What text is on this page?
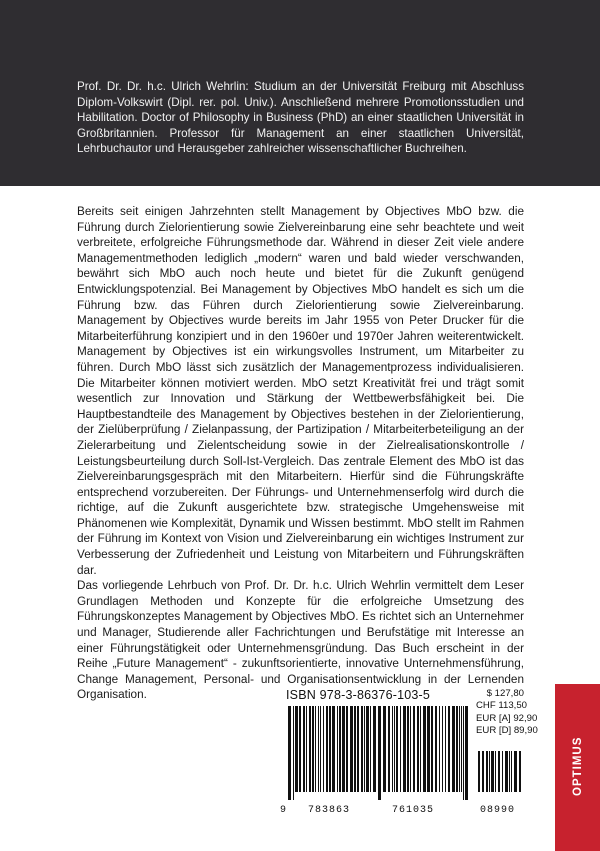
Prof. Dr. Dr. h.c. Ulrich Wehrlin: Studium an der Universität Freiburg mit Abschluss Diplom-Volkswirt (Dipl. rer. pol. Univ.). Anschließend mehrere Promotionsstudien und Habilitation. Doctor of Philosophy in Business (PhD) an einer staatlichen Universität in Großbritannien. Professor für Management an einer staatlichen Universität, Lehrbuchautor und Herausgeber zahlreicher wissenschaftlicher Buchreihen.

Bereits seit einigen Jahrzehnten stellt Management by Objectives MbO bzw. die Führung durch Zielorientierung sowie Zielvereinbarung eine sehr beachtete und weit verbreitete, erfolgreiche Führungsmethode dar. Während in dieser Zeit viele andere Managementmethoden lediglich „modern“ waren und bald wieder verschwanden, bewährt sich MbO auch noch heute und bietet für die Zukunft genügend Entwicklungspotenzial. Bei Management by Objectives MbO handelt es sich um die Führung bzw. das Führen durch Zielorientierung sowie Zielvereinbarung. Management by Objectives wurde bereits im Jahr 1955 von Peter Drucker für die Mitarbeiterführung konzipiert und in den 1960er und 1970er Jahren weiterentwickelt. Management by Objectives ist ein wirkungsvolles Instrument, um Mitarbeiter zu führen. Durch MbO lässt sich zusätzlich der Managementprozess individualisieren. Die Mitarbeiter können motiviert werden. MbO setzt Kreativität frei und trägt somit wesentlich zur Innovation und Stärkung der Wettbewerbsfähigkeit bei. Die Hauptbestandteile des Management by Objectives bestehen in der Zielorientierung, der Zielüberprüfung / Zielanpassung, der Partizipation / Mitarbeiterbeteiligung an der Zielerarbeitung und Zielentscheidung sowie in der Zielrealisationskontrolle / Leistungsbeurteilung durch Soll-Ist-Vergleich. Das zentrale Element des MbO ist das Zielvereinbarungsgespräch mit den Mitarbeitern. Hierfür sind die Führungskräfte entsprechend vorzubereiten. Der Führungs- und Unternehmenserfolg wird durch die richtige, auf die Zukunft ausgerichtete bzw. strategische Umgehensweise mit Phänomenen wie Komplexität, Dynamik und Wissen bestimmt. MbO stellt im Rahmen der Führung im Kontext von Vision und Zielvereinbarung ein wichtiges Instrument zur Verbesserung der Zufriedenheit und Leistung von Mitarbeitern und Führungskräften dar.

Das vorliegende Lehrbuch von Prof. Dr. Dr. h.c. Ulrich Wehrlin vermittelt dem Leser Grundlagen Methoden und Konzepte für die erfolgreiche Umsetzung des Führungskonzeptes Management by Objectives MbO. Es richtet sich an Unternehmer und Manager, Studierende aller Fachrichtungen und Berufstätige mit Interesse an einer Führungstätigkeit oder Unternehmensgründung. Das Buch erscheint in der Reihe „Future Management“ - zukunftsorientierte, innovative Unternehmensführung, Change Management, Personal- und Organisationsentwicklung in der Lernenden Organisation.	ISBN 978-3-86376-103-5
9 783863	761035	08990
$ 127,80
CHF 113,50
EUR [A] 92,90
EUR [D] 89,90
OPTIMUS
